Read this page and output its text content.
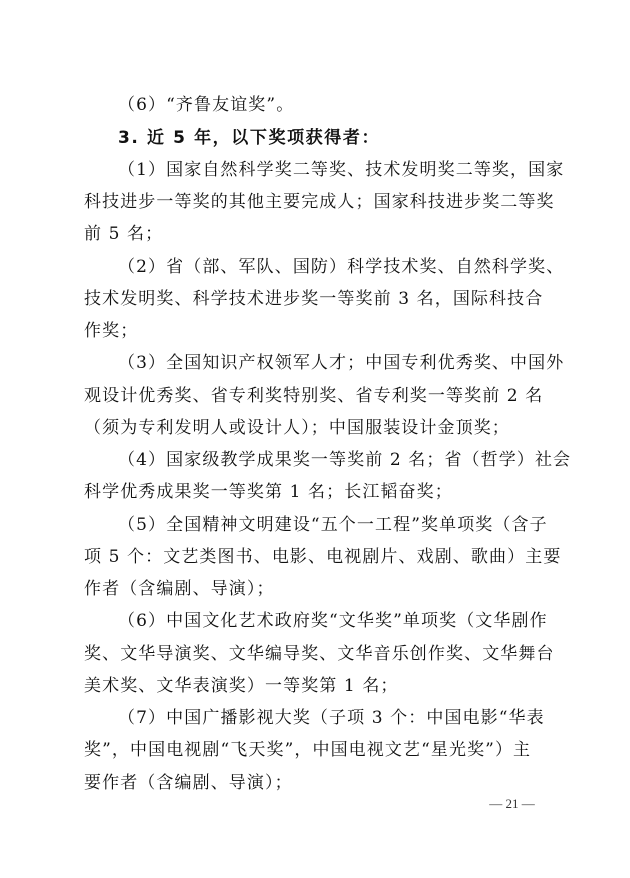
（6）“齐鲁友谊奖”。
3. 近 5 年，以下奖项获得者：
（1）国家自然科学奖二等奖、技术发明奖二等奖，国家
科技进步一等奖的其他主要完成人；国家科技进步奖二等奖
前 5 名；
（2）省（部、军队、国防）科学技术奖、自然科学奖、
技术发明奖、科学技术进步奖一等奖前 3 名，国际科技合
作奖；
（3）全国知识产权领军人才；中国专利优秀奖、中国外
观设计优秀奖、省专利奖特别奖、省专利奖一等奖前 2 名
（须为专利发明人或设计人）；中国服装设计金顶奖；
（4）国家级教学成果奖一等奖前 2 名；省（哲学）社会
科学优秀成果奖一等奖第 1 名；长江韬奋奖；
（5）全国精神文明建设“五个一工程”奖单项奖（含子
项 5 个：文艺类图书、电影、电视剧片、戏剧、歌曲）主要
作者（含编剧、导演）；
（6）中国文化艺术政府奖“文华奖”单项奖（文华剧作
奖、文华导演奖、文华编导奖、文华音乐创作奖、文华舞台
美术奖、文华表演奖）一等奖第 1 名；
（7）中国广播影视大奖（子项 3 个：中国电影“华表
奖”，中国电视剧“飞天奖”，中国电视文艺“星光奖”）主
要作者（含编剧、导演）；
— 21 —
